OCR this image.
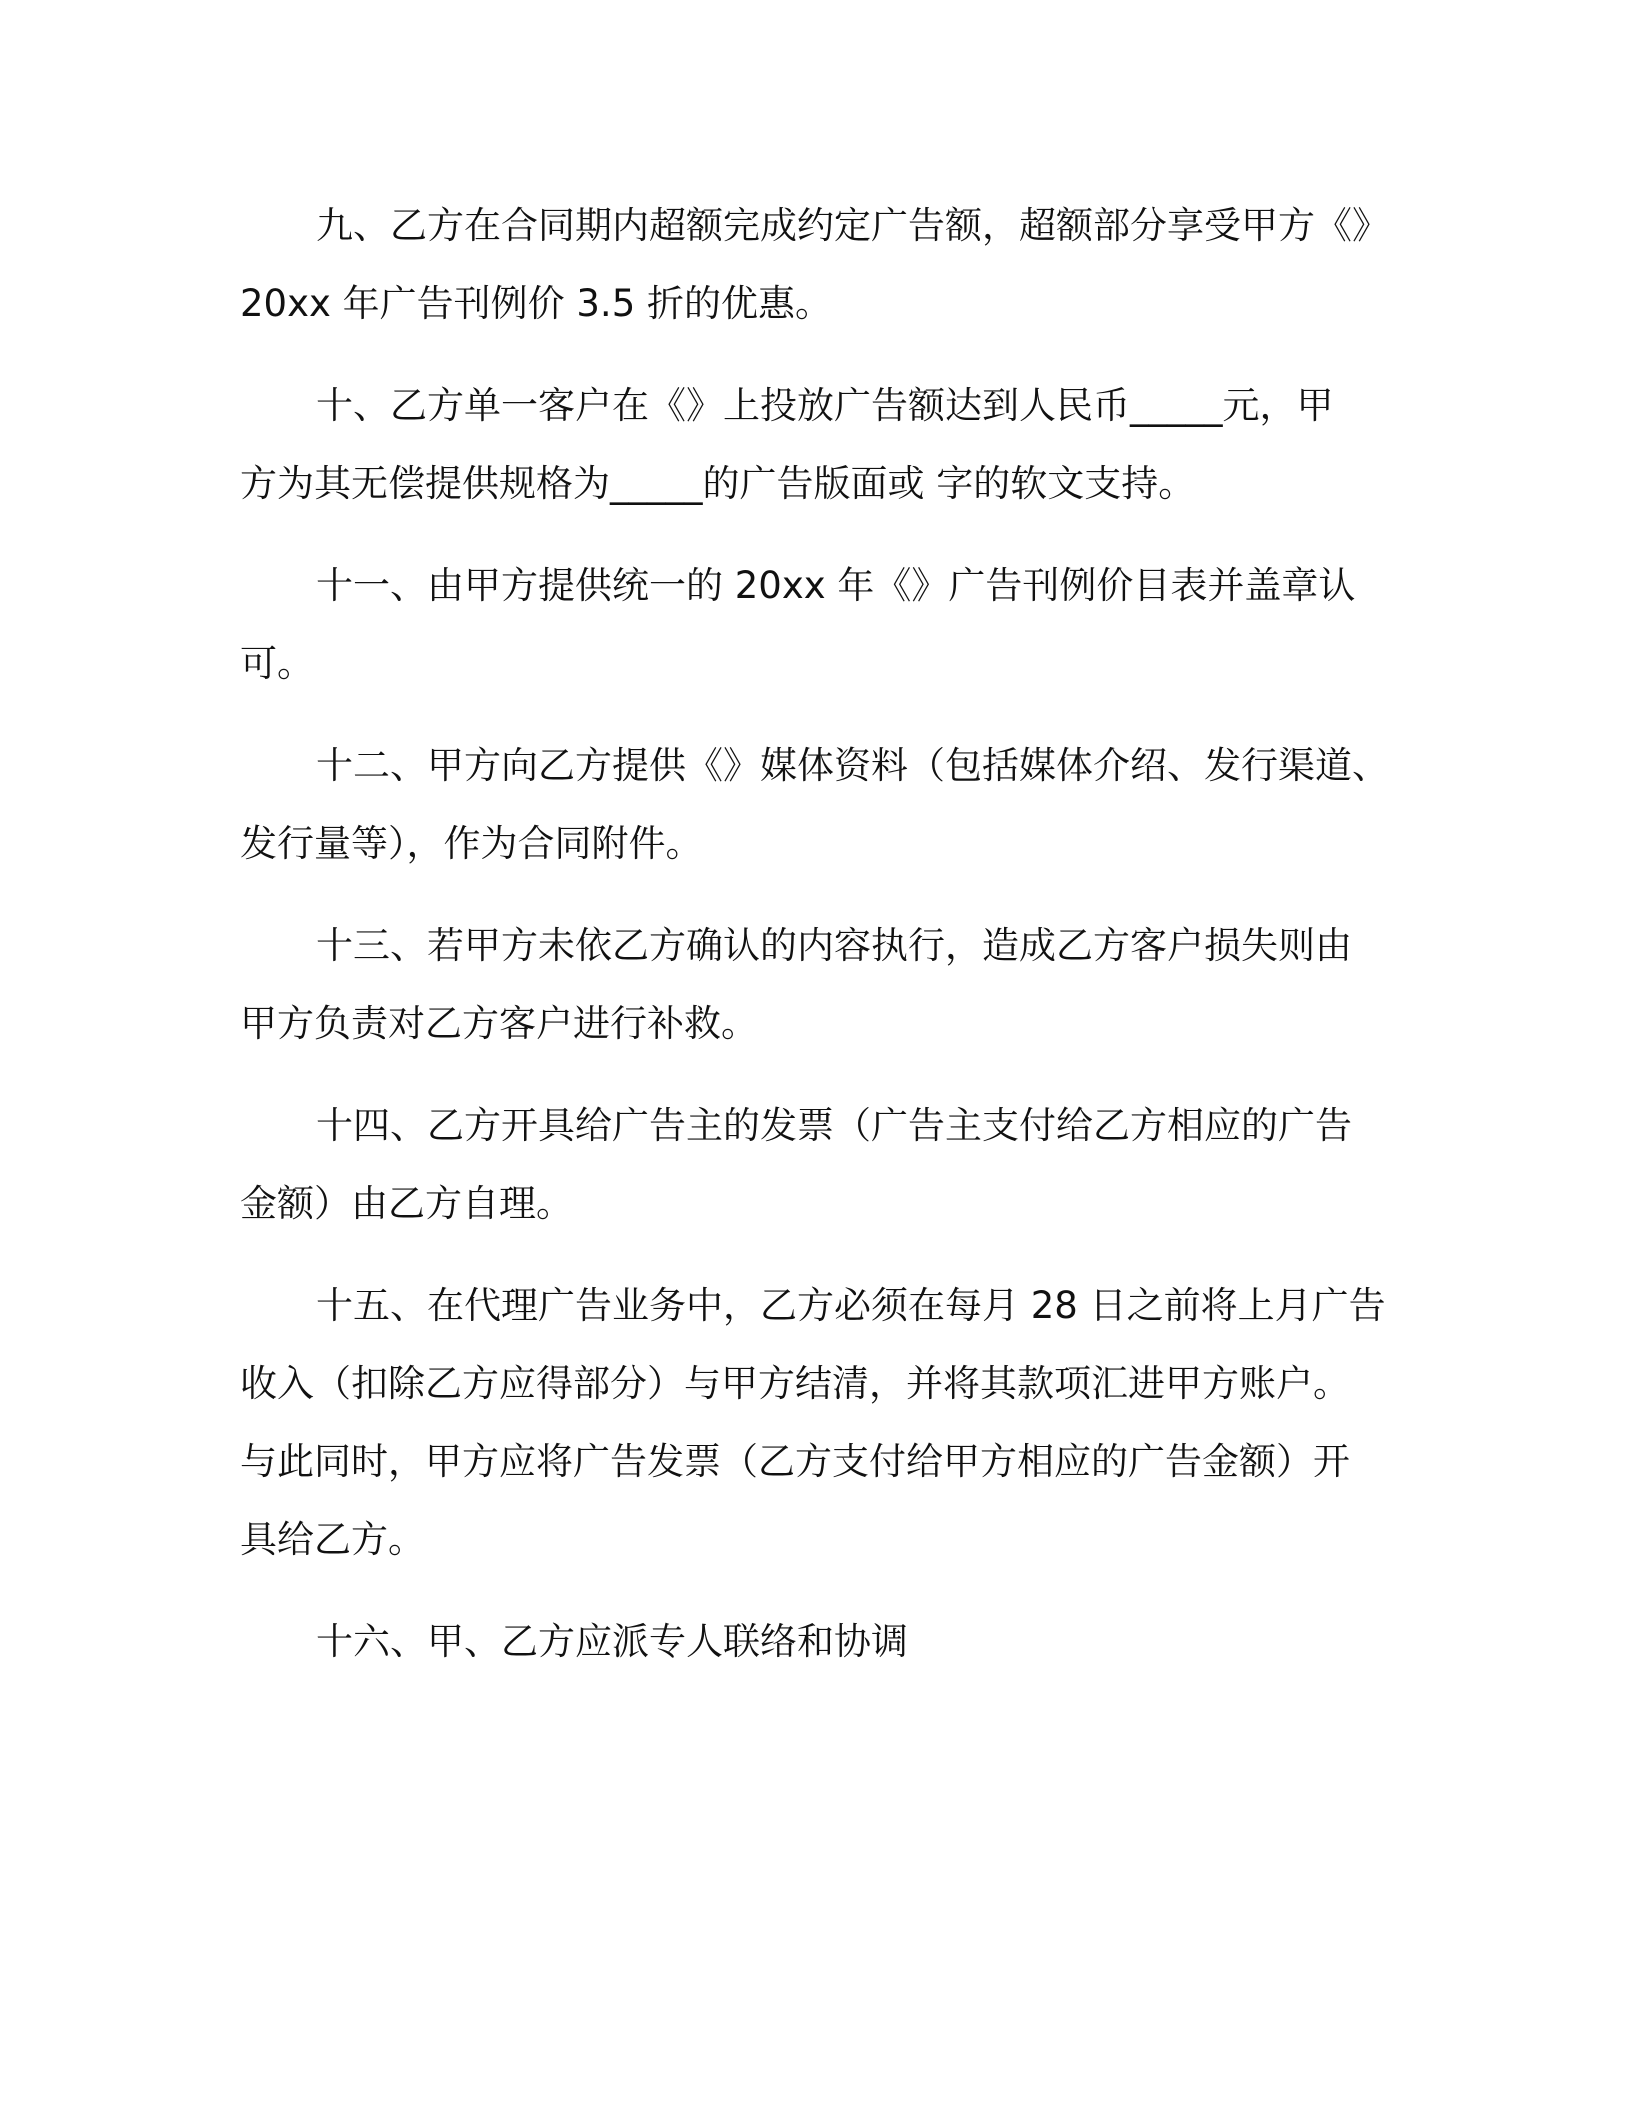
九、乙方在合同期内超额完成约定广告额，超额部分享受甲方《》
20xx 年广告刊例价 3.5 折的优惠。
十、乙方单一客户在《》上投放广告额达到人民币_____元，甲
方为其无偿提供规格为_____的广告版面或 字的软文支持。
十一、由甲方提供统一的 20xx 年《》广告刊例价目表并盖章认
可。
十二、甲方向乙方提供《》媒体资料（包括媒体介绍、发行渠道、
发行量等），作为合同附件。
十三、若甲方未依乙方确认的内容执行，造成乙方客户损失则由
甲方负责对乙方客户进行补救。
十四、乙方开具给广告主的发票（广告主支付给乙方相应的广告
金额）由乙方自理。
十五、在代理广告业务中，乙方必须在每月 28 日之前将上月广告
收入（扣除乙方应得部分）与甲方结清，并将其款项汇进甲方账户。
与此同时，甲方应将广告发票（乙方支付给甲方相应的广告金额）开
具给乙方。
十六、甲、乙方应派专人联络和协调
